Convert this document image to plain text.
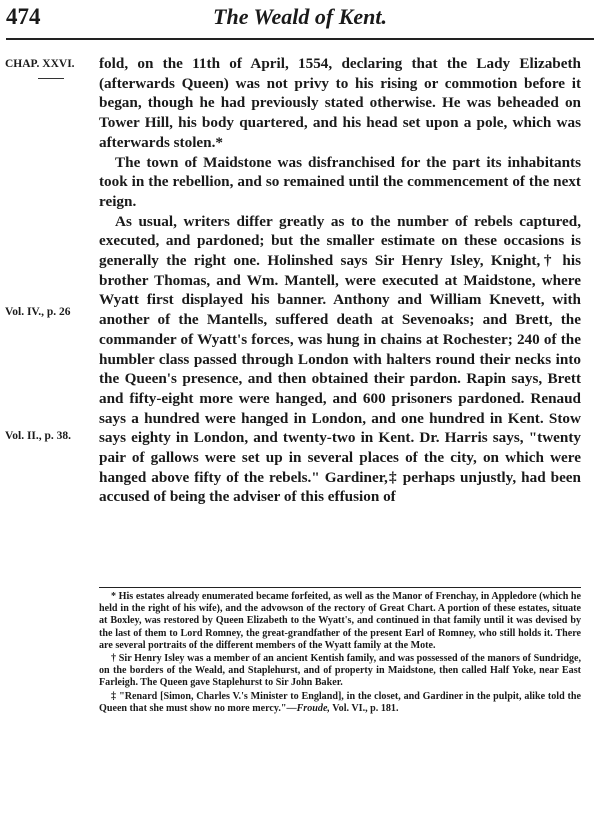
474	The Weald of Kent.
CHAP. XXVI.
Vol. IV., p. 26
Vol. II., p. 38.

fold, on the 11th of April, 1554, declaring that the Lady Elizabeth (afterwards Queen) was not privy to his rising or commotion before it began, though he had previously stated otherwise. He was beheaded on Tower Hill, his body quartered, and his head set upon a pole, which was afterwards stolen.*

The town of Maidstone was disfranchised for the part its inhabitants took in the rebellion, and so remained until the commencement of the next reign.

As usual, writers differ greatly as to the number of rebels captured, executed, and pardoned; but the smaller estimate on these occasions is generally the right one. Holinshed says Sir Henry Isley, Knight,† his brother Thomas, and Wm. Mantell, were executed at Maidstone, where Wyatt first displayed his banner. Anthony and William Knevett, with another of the Mantells, suffered death at Sevenoaks; and Brett, the commander of Wyatt's forces, was hung in chains at Rochester; 240 of the humbler class passed through London with halters round their necks into the Queen's presence, and then obtained their pardon. Rapin says, Brett and fifty-eight more were hanged, and 600 prisoners pardoned. Renaud says a hundred were hanged in London, and one hundred in Kent. Stow says eighty in London, and twenty-two in Kent. Dr. Harris says, "twenty pair of gallows were set up in several places of the city, on which were hanged above fifty of the rebels." Gardiner,‡ perhaps unjustly, had been accused of being the adviser of this effusion of

* His estates already enumerated became forfeited, as well as the Manor of Frenchay, in Appledore (which he held in the right of his wife), and the advowson of the rectory of Great Chart. A portion of these estates, situate at Boxley, was restored by Queen Elizabeth to the Wyatt's, and continued in that family until it was devised by the last of them to Lord Romney, the great-grandfather of the present Earl of Romney, who still holds it. There are several portraits of the different members of the Wyatt family at the Mote.

† Sir Henry Isley was a member of an ancient Kentish family, and was possessed of the manors of Sundridge, on the borders of the Weald, and Staplehurst, and of property in Maidstone, then called Half Yoke, near East Farleigh. The Queen gave Staplehurst to Sir John Baker.

‡ "Renard [Simon, Charles V.'s Minister to England], in the closet, and Gardiner in the pulpit, alike told the Queen that she must show no more mercy."—Froude, Vol. VI., p. 181.
